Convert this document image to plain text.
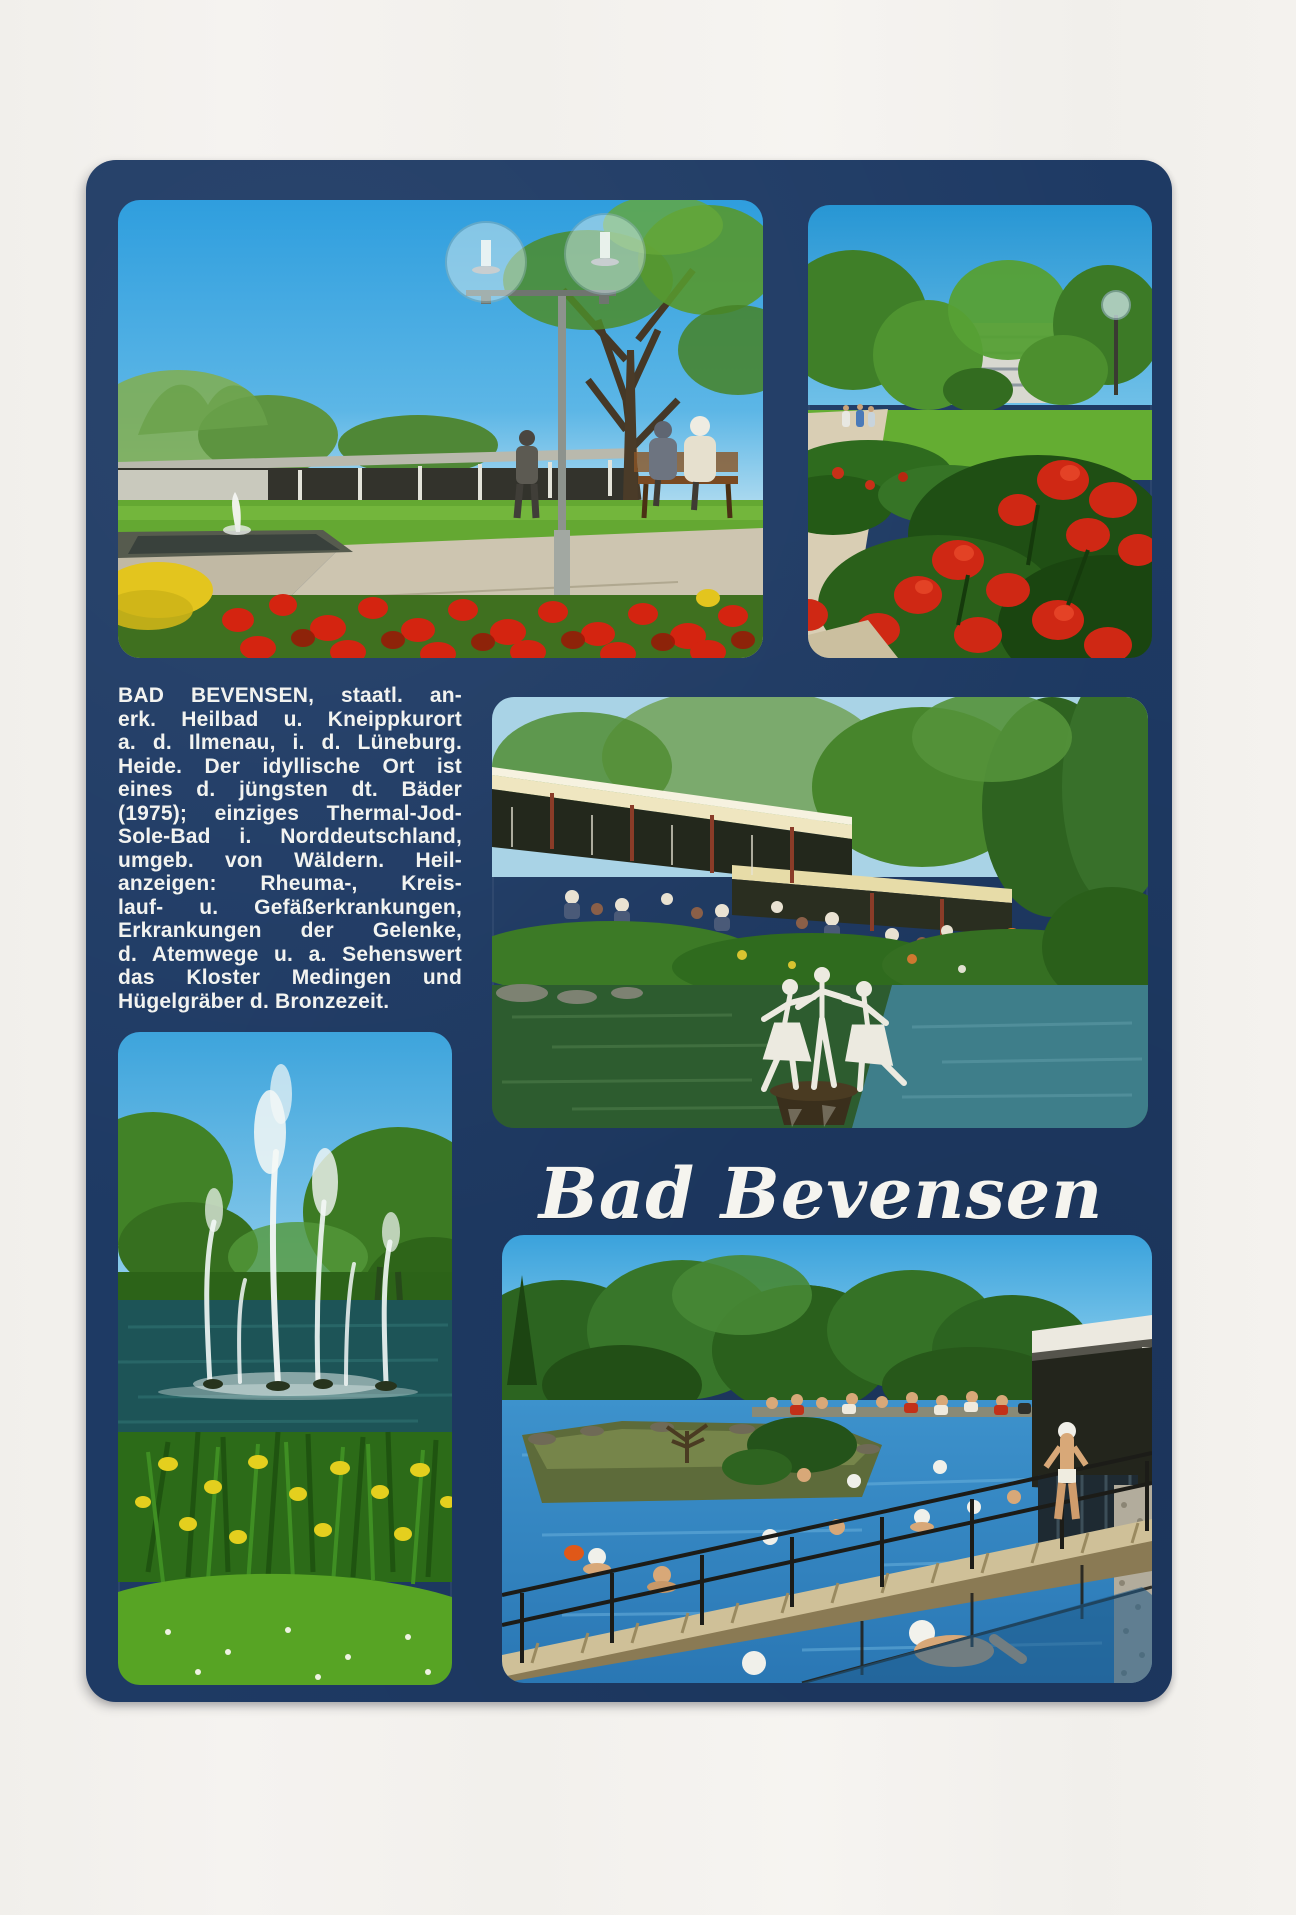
BAD BEVENSEN, staatl. an-
erk. Heilbad u. Kneippkurort
a. d. Ilmenau, i. d. Lüneburg.
Heide. Der idyllische Ort ist
eines d. jüngsten dt. Bäder
(1975); einziges Thermal-Jod-
Sole-Bad i. Norddeutschland,
umgeb. von Wäldern. Heil-
anzeigen: Rheuma-, Kreis-
lauf- u. Gefäßerkrankungen,
Erkrankungen der Gelenke,
d. Atemwege u. a. Sehenswert
das Kloster Medingen und
Hügelgräber d. Bronzezeit.
Bad Bevensen
